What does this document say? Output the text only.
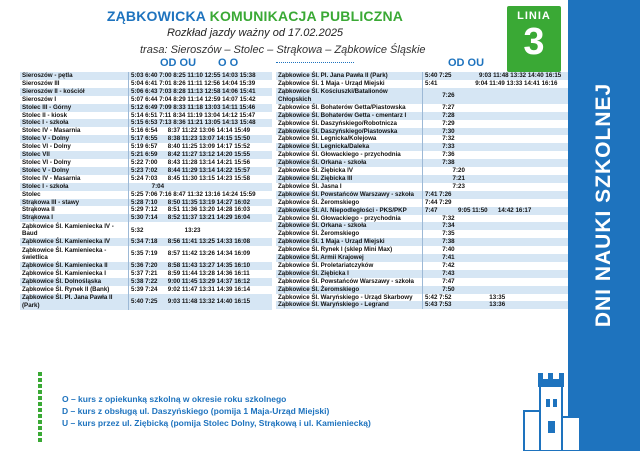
ZĄBKOWICKA KOMUNIKACJA PUBLICZNA
Rozkład jazdy ważny od 17.02.2025
trasa: Sieroszów – Stolec – Strąkowa – Ząbkowice Śląskie
OD OU O O	OD OU
LINIA
3
DNI NAUKI SZKOLNEJ
Sieroszów - pętla	5:03 6:40 7:00 8:25 11:10 12:55 14:03 15:38
Sieroszów III	5:04 6:41 7:01 8:26 11:11 12:56 14:04 15:39
Sieroszów II - kościół	5:06 6:43 7:03 8:28 11:13 12:58 14:06 15:41
Sieroszów I	5:07 6:44 7:04 8:29 11:14 12:59 14:07 15:42
Stolec III - Górny	5:12 6:49 7:09 8:33 11:18 13:03 14:11 15:46
Stolec II - kiosk	5:14 6:51 7:11 8:34 11:19 13:04 14:12 15:47
Stolec I - szkoła	5:15 6:53 7:13 8:36 11:21 13:05 14:13 15:48
Stolec IV - Masarnia	5:16 6:54      8:37 11:22 13:06 14:14 15:49
Stolec V - Dolny	5:17 6:55      8:38 11:23 13:07 14:15 15:50
Stolec VI - Dolny	5:19 6:57      8:40 11:25 13:09 14:17 15:52
Stolec VII	5:21 6:59      8:42 11:27 13:12 14:20 15:55
Stolec VI - Dolny	5:22 7:00      8:43 11:28 13:14 14:21 15:56
Stolec V - Dolny	5:23 7:02      8:44 11:29 13:14 14:22 15:57
Stolec IV - Masarnia	5:24 7:03      8:45 11:30 13:15 14:23 15:58
Stolec I - szkoła	7:04
Stolec	5:25 7:06 7:16 8:47 11:32 13:16 14:24 15:59
Strąkowa III - stawy	5:28 7:10      8:50 11:35 13:19 14:27 16:02
Strąkowa II	5:29 7:12      8:51 11:36 13:20 14:28 16:03
Strąkowa I	5:30 7:14      8:52 11:37 13:21 14:29 16:04
Ząbkowice Śl. Kamieniecka IV - Baud	5:32                        13:23
Ząbkowice Śl. Kamieniecka IV	5:34 7:18      8:56 11:41 13:25 14:33 16:08
Ząbkowice Śl. Kamieniecka - świetlica	5:35 7:19      8:57 11:42 13:26 14:34 16:09
Ząbkowice Śl. Kamieniecka II	5:36 7:20      8:58 11:43 13:27 14:35 16:10
Ząbkowice Śl. Kamieniecka I	5:37 7:21      8:59 11:44 13:28 14:36 16:11
Ząbkowice Śl. Dolnośląska	5:38 7:22      9:00 11:45 13:29 14:37 16:12
Ząbkowice Śl. Rynek II (Bank)	5:39 7:24      9:02 11:47 13:31 14:39 16:14
Ząbkowice Śl. Pl. Jana Pawła II (Park)	5:40 7:25      9:03 11:48 13:32 14:40 16:15
Ząbkowice Śl. Pl. Jana Pawła II (Park)	5:40 7:25                9:03 11:48 13:32 14:40 16:15
Ząbkowice Śl. 1 Maja - Urząd Miejski	5:41                      9:04 11:49 13:33 14:41 16:16
Ząbkowice Śl. Kościuszki/Batalionów Chłopskich	7:26
Ząbkowice Śl. Bohaterów Getta/Piastowska	7:27
Ząbkowice Śl. Bohaterów Getta - cmentarz I	7:28
Ząbkowice Śl. Daszyńskiego/Robotnicza	7:29
Ząbkowice Śl. Daszyńskiego/Piastowska	7:30
Ząbkowice Śl. Legnicka/Kolejowa	7:32
Ząbkowice Śl. Legnicka/Daleka	7:33
Ząbkowice Śl. Głowackiego - przychodnia	7:36
Ząbkowice Śl. Orkana - szkoła	7:38
Ząbkowice Śl. Ziębicka IV	7:20
Ząbkowice Śl. Ziębicka III	7:21
Ząbkowice Śl. Jasna I	7:23
Ząbkowice Śl. Powstańców Warszawy - szkoła	7:41 7:26
Ząbkowice Śl. Żeromskiego	7:44 7:29
Ząbkowice Śl. Al. Niepodległości - PKS/PKP	7:47            9:05 11:50      14:42 16:17
Ząbkowice Śl. Głowackiego - przychodnia	7:32
Ząbkowice Śl. Orkana - szkoła	7:34
Ząbkowice Śl. Żeromskiego	7:35
Ząbkowice Śl. 1 Maja - Urząd Miejski	7:38
Ząbkowice Śl. Rynek I (sklep Mini Max)	7:40
Ząbkowice Śl. Armii Krajowej	7:41
Ząbkowice Śl. Proletariatczyków	7:42
Ząbkowice Śl. Ziębicka I	7:43
Ząbkowice Śl. Powstańców Warszawy - szkoła	7:47
Ząbkowice Śl. Żeromskiego	7:50
Ząbkowice Śl. Waryńskiego - Urząd Skarbowy	5:42 7:52                      13:35
Ząbkowice Śl. Waryńskiego - Legrand	5:43 7:53                      13:36
O – kurs z opiekunką szkolną w okresie roku szkolnego
D – kurs z obsługą ul. Daszyńskiego (pomija 1 Maja-Urząd Miejski)
U – kurs przez ul. Ziębicką (pomija Stolec Dolny, Strąkową i ul. Kamieniecką)
